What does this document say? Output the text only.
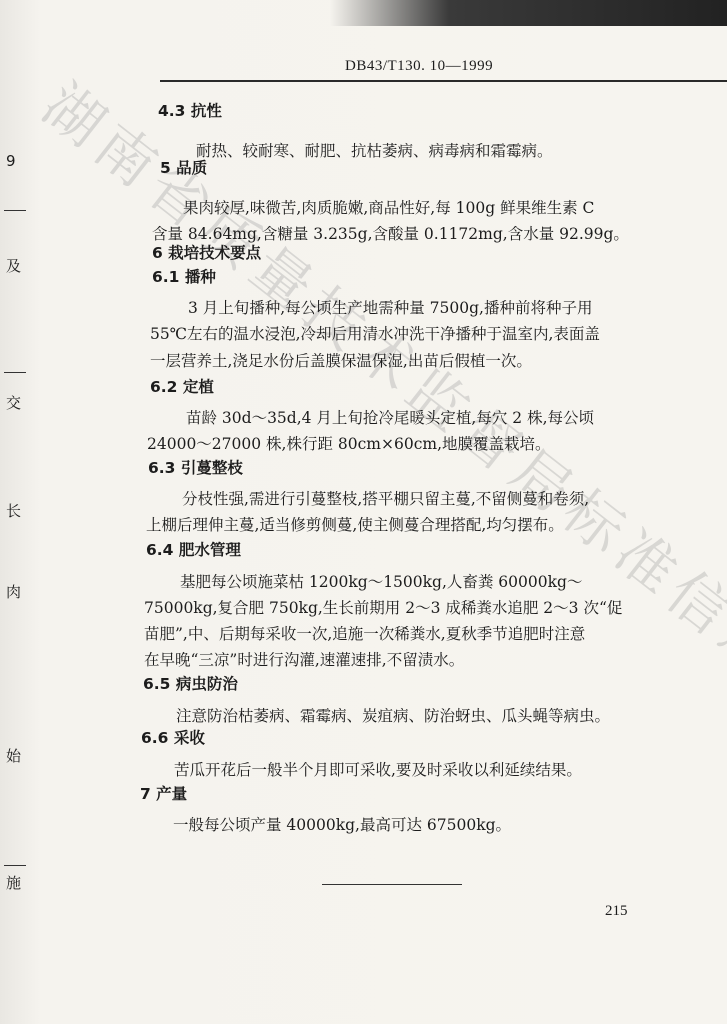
DB43/T130. 10—1999
9
及
交
长
肉
始
施
4.3 抗性
耐热、较耐寒、耐肥、抗枯萎病、病毒病和霜霉病。
5 品质
果肉较厚,味微苦,肉质脆嫩,商品性好,每 100g 鲜果维生素 C
含量 84.64mg,含糖量 3.235g,含酸量 0.1172mg,含水量 92.99g。
6 栽培技术要点
6.1 播种
3 月上旬播种,每公顷生产地需种量 7500g,播种前将种子用
55℃左右的温水浸泡,冷却后用清水冲洗干净播种于温室内,表面盖
一层营养土,浇足水份后盖膜保温保湿,出苗后假植一次。
6.2 定植
苗龄 30d～35d,4 月上旬抢冷尾暖头定植,每穴 2 株,每公顷
24000～27000 株,株行距 80cm×60cm,地膜覆盖栽培。
6.3 引蔓整枝
分枝性强,需进行引蔓整枝,搭平棚只留主蔓,不留侧蔓和卷须,
上棚后理伸主蔓,适当修剪侧蔓,使主侧蔓合理搭配,均匀摆布。
6.4 肥水管理
基肥每公顷施菜枯 1200kg～1500kg,人畜粪 60000kg～
75000kg,复合肥 750kg,生长前期用 2～3 成稀粪水追肥 2～3 次“促
苗肥”,中、后期每采收一次,追施一次稀粪水,夏秋季节追肥时注意
在早晚“三凉”时进行沟灌,速灌速排,不留渍水。
6.5 病虫防治
注意防治枯萎病、霜霉病、炭疽病、防治蚜虫、瓜头蝇等病虫。
6.6 采收
苦瓜开花后一般半个月即可采收,要及时采收以利延续结果。
7 产量
一般每公顷产量 40000kg,最高可达 67500kg。
215
